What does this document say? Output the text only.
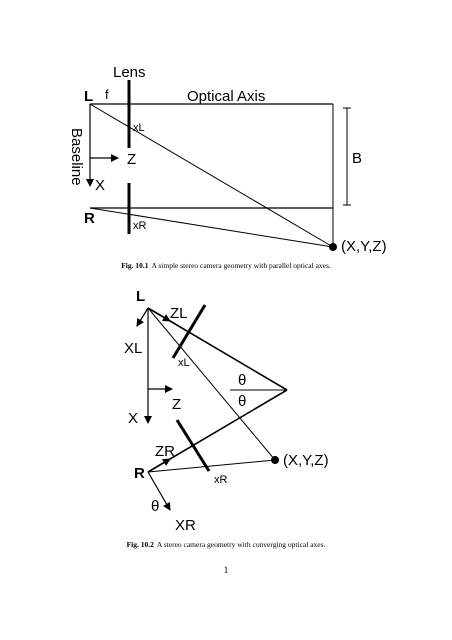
Lens
L f	Optical Axis
xL
Z
Baseline X
R	xR
B
(X,Y,Z)
L
ZL
XL
xL
θ
θ
Z
X
ZR
R	xR
(X,Y,Z)
θ
XR
Fig. 10.1 A simple stereo camera geometry with parallel optical axes.
Fig. 10.2 A stereo camera geometry with converging optical axes.
1
